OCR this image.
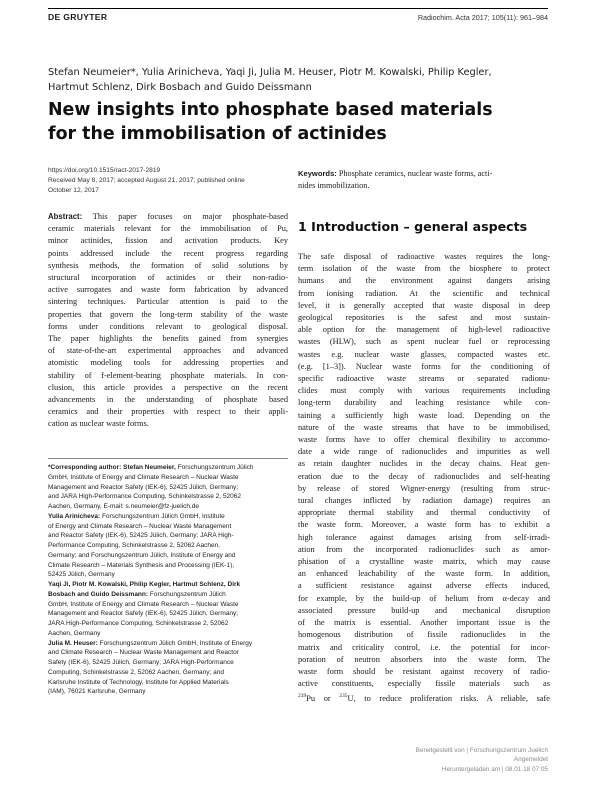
DE GRUYTER	Radiochim. Acta 2017; 105(11): 961–984
Stefan Neumeier*, Yulia Arinicheva, Yaqi Ji, Julia M. Heuser, Piotr M. Kowalski, Philip Kegler,
Hartmut Schlenz, Dirk Bosbach and Guido Deissmann
New insights into phosphate based materials
for the immobilisation of actinides
https://doi.org/10.1515/ract-2017-2819
Received May 8, 2017; accepted August 21, 2017; published online
October 12, 2017
Keywords: Phosphate ceramics, nuclear waste forms, acti-
nides immobilization.
Abstract: This paper focuses on major phosphate-based
ceramic materials relevant for the immobilisation of Pu,
minor actinides, fission and activation products. Key
points addressed include the recent progress regarding
synthesis methods, the formation of solid solutions by
structural incorporation of actinides or their non-radio-
active surrogates and waste form fabrication by advanced
sintering techniques. Particular attention is paid to the
properties that govern the long-term stability of the waste
forms under conditions relevant to geological disposal.
The paper highlights the benefits gained from synergies
of state-of-the-art experimental approaches and advanced
atomistic modeling tools for addressing properties and
stability of f-element-bearing phosphate materials. In con-
clusion, this article provides a perspective on the recent
advancements in the understanding of phosphate based
ceramics and their properties with respect to their appli-
cation as nuclear waste forms.
*Corresponding author: Stefan Neumeier, Forschungszentrum Jülich
GmbH, Institute of Energy and Climate Research – Nuclear Waste
Management and Reactor Safety (IEK-6), 52425 Jülich, Germany;
and JARA High-Performance Computing, Schinkelstrasse 2, 52062
Aachen, Germany, E-mail: s.neumeier@fz-juelich.de
Yulia Arinicheva: Forschungszentrum Jülich GmbH, Institute
of Energy and Climate Research – Nuclear Waste Management
and Reactor Safety (IEK-6), 52425 Jülich, Germany; JARA High-
Performance Computing, Schinkelstrasse 2, 52062 Aachen,
Germany; and Forschungszentrum Jülich, Institute of Energy and
Climate Research – Materials Synthesis and Processing (IEK-1),
52425 Jülich, Germany
Yaqi Ji, Piotr M. Kowalski, Philip Kegler, Hartmut Schlenz, Dirk
Bosbach and Guido Deissmann: Forschungszentrum Jülich
GmbH, Institute of Energy and Climate Research – Nuclear Waste
Management and Reactor Safety (IEK-6), 52425 Jülich, Germany;
JARA High-Performance Computing, Schinkelstrasse 2, 52062
Aachen, Germany
Julia M. Heuser: Forschungszentrum Jülich GmbH, Institute of Energy
and Climate Research – Nuclear Waste Management and Reactor
Safety (IEK-6), 52425 Jülich, Germany; JARA High-Performance
Computing, Schinkelstrasse 2, 52062 Aachen, Germany; and
Karlsruhe Institute of Technology, Institute for Applied Materials
(IAM), 76021 Karlsruhe, Germany
1 Introduction – general aspects
The safe disposal of radioactive wastes requires the long-
term isolation of the waste from the biosphere to protect
humans and the environment against dangers arising
from ionising radiation. At the scientific and technical
level, it is generally accepted that waste disposal in deep
geological repositories is the safest and most sustain-
able option for the management of high-level radioactive
wastes (HLW), such as spent nuclear fuel or reprocessing
wastes e.g. nuclear waste glasses, compacted wastes etc.
(e.g. [1–3]). Nuclear waste forms for the conditioning of
specific radioactive waste streams or separated radionu-
clides must comply with various requirements including
long-term durability and leaching resistance while con-
taining a sufficiently high waste load. Depending on the
nature of the waste streams that have to be immobilised,
waste forms have to offer chemical flexibility to accommo-
date a wide range of radionuclides and impurities as well
as retain daughter nuclides in the decay chains. Heat gen-
eration due to the decay of radionuclides and self-heating
by release of stored Wigner-energy (resulting from struc-
tural changes inflicted by radiation damage) requires an
appropriate thermal stability and thermal conductivity of
the waste form. Moreover, a waste form has to exhibit a
high tolerance against damages arising from self-irradi-
ation from the incorporated radionuclides such as amor-
phisation of a crystalline waste matrix, which may cause
an enhanced leachability of the waste form. In addition,
a sufficient resistance against adverse effects induced,
for example, by the build-up of helium from α-decay and
associated pressure build-up and mechanical disruption
of the matrix is essential. Another important issue is the
homogenous distribution of fissile radionuclides in the
matrix and criticality control, i.e. the potential for incor-
poration of neutron absorbers into the waste form. The
waste form should be resistant against recovery of radio-
active constituents, especially fissile materials such as
$^{239}$Pu or $^{235}$U, to reduce proliferation risks. A reliable, safe
Bereitgestellt von | Forschungszentrum Juelich
Angemeldet
Heruntergeladen am | 08.01.18 07:05
